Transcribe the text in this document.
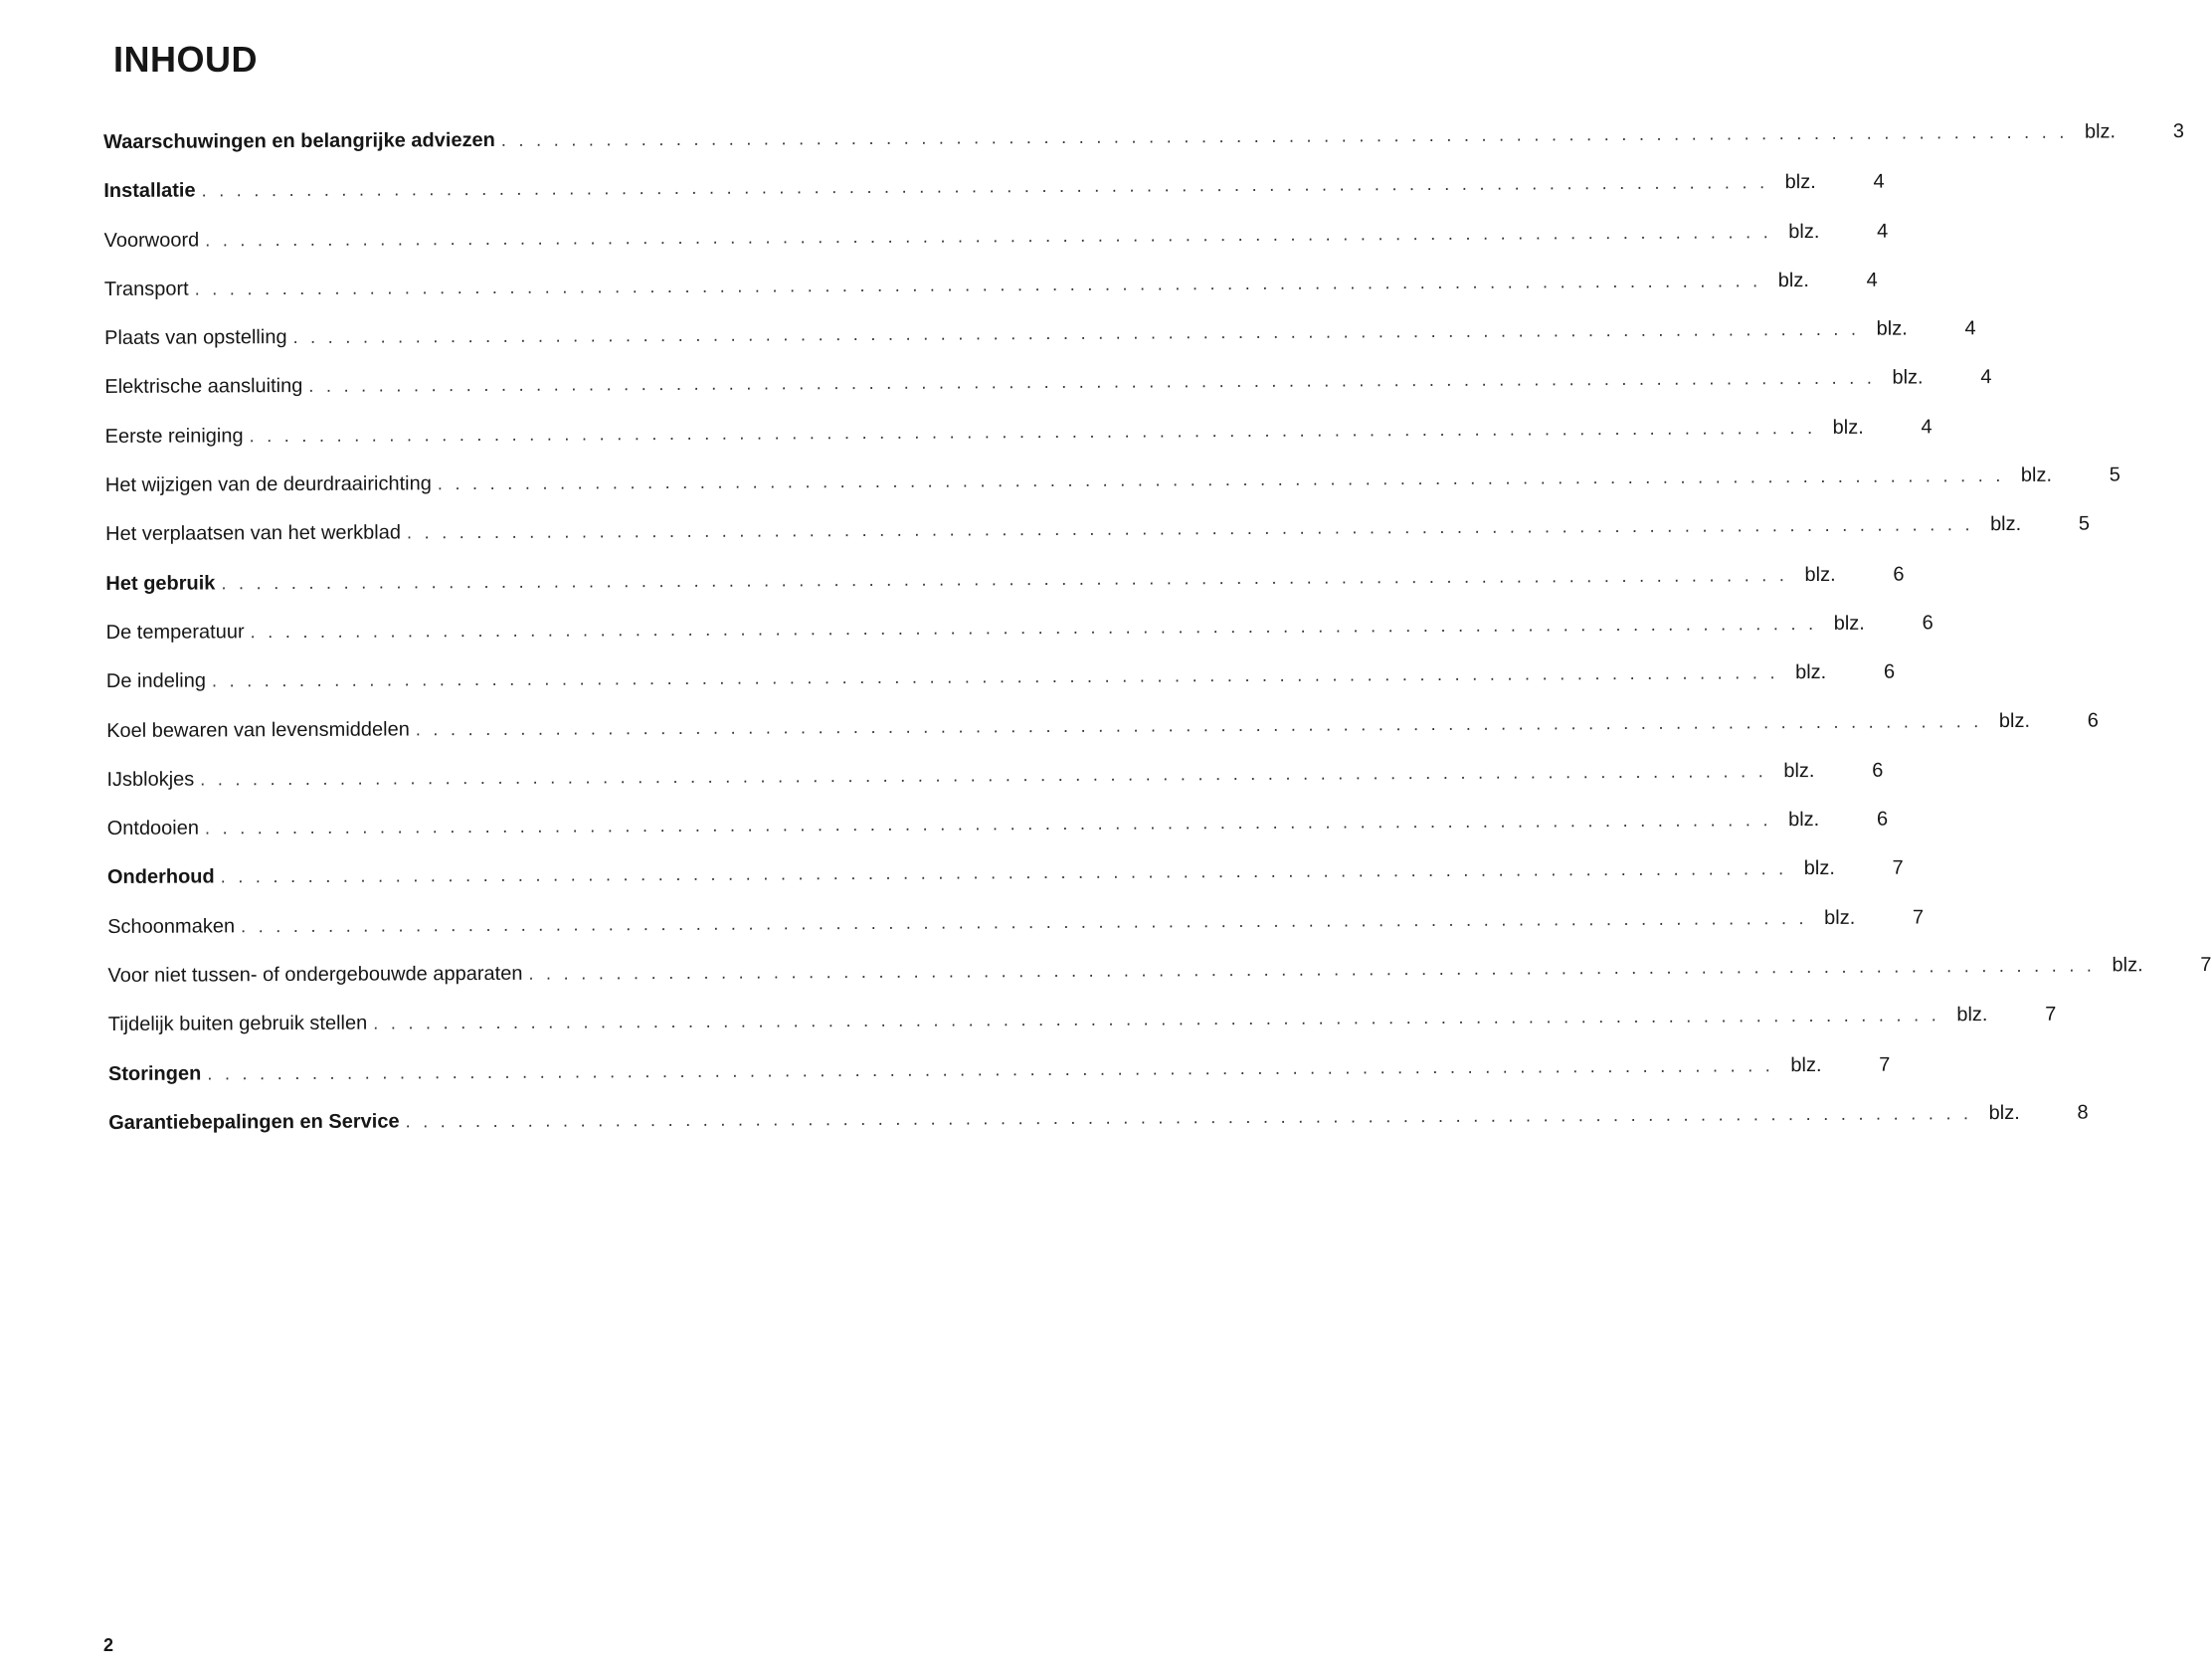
INHOUD
Waarschuwingen en belangrijke adviezen .......................................................................................... blz.	3
Installatie .......................................................................................... blz.	4
Voorwoord .......................................................................................... blz.	4
Transport .......................................................................................... blz.	4
Plaats van opstelling .......................................................................................... blz.	4
Elektrische aansluiting .......................................................................................... blz.	4
Eerste reiniging .......................................................................................... blz.	4
Het wijzigen van de deurdraairichting .......................................................................................... blz.	5
Het verplaatsen van het werkblad .......................................................................................... blz.	5
Het gebruik .......................................................................................... blz.	6
De temperatuur .......................................................................................... blz.	6
De indeling .......................................................................................... blz.	6
Koel bewaren van levensmiddelen .......................................................................................... blz.	6
IJsblokjes .......................................................................................... blz.	6
Ontdooien .......................................................................................... blz.	6
Onderhoud .......................................................................................... blz.	7
Schoonmaken .......................................................................................... blz.	7
Voor niet tussen- of ondergebouwde apparaten .......................................................................................... blz.	7
Tijdelijk buiten gebruik stellen .......................................................................................... blz.	7
Storingen .......................................................................................... blz.	7
Garantiebepalingen en Service .......................................................................................... blz.	8
2
